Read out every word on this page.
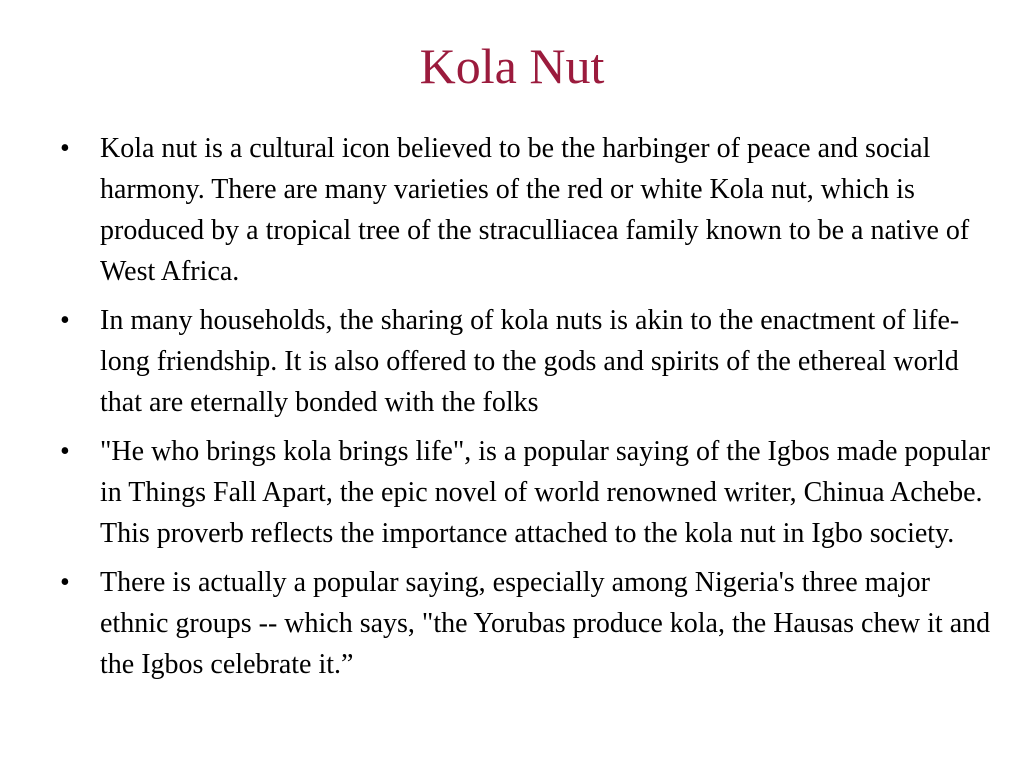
Kola Nut
•	Kola nut is a cultural icon believed to be the harbinger of peace and social harmony. There are many varieties of the red or white Kola nut, which is produced by a tropical tree of the straculliacea family known to be a native of West Africa.
•	In many households, the sharing of kola nuts is akin to the enactment of life-long friendship. It is also offered to the gods and spirits of the ethereal world that are eternally bonded with the folks
•	"He who brings kola brings life", is a popular saying of the Igbos made popular in Things Fall Apart, the epic novel of world renowned writer, Chinua Achebe. This proverb reflects the importance attached to the kola nut in Igbo society.
•	There is actually a popular saying, especially among Nigeria's three major ethnic groups -- which says, "the Yorubas produce kola, the Hausas chew it and the Igbos celebrate it.”
